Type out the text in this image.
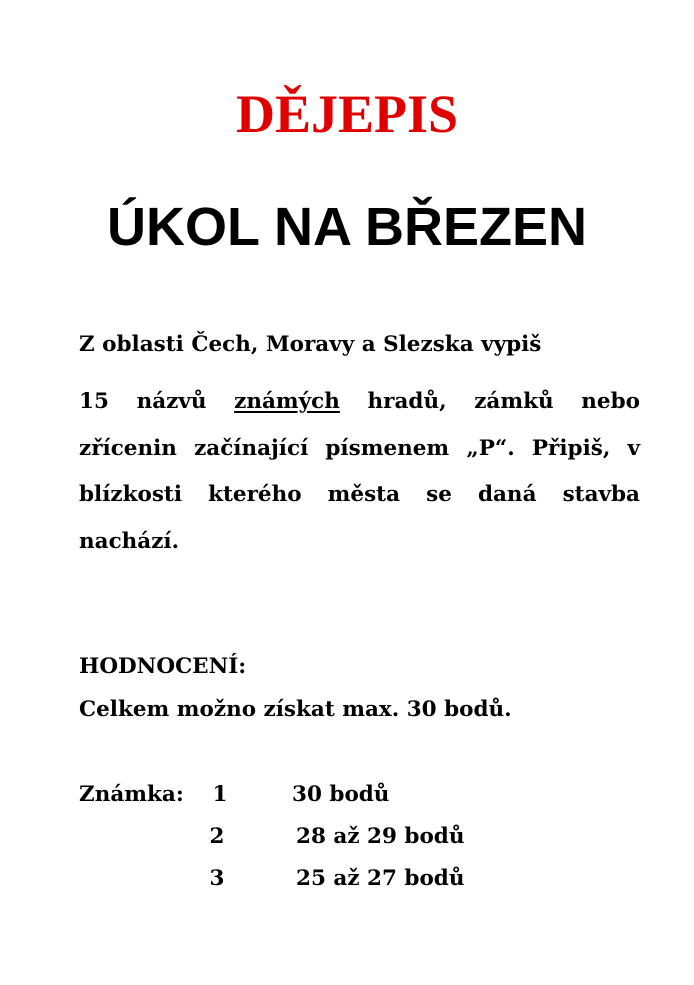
DĚJEPIS
ÚKOL NA BŘEZEN

Z oblasti Čech, Moravy a Slezska vypiš

15 názvů známých hradů, zámků nebo zřícenin začínající písmenem „P“. Připiš, v blízkosti kterého města se daná stavba nachází.

HODNOCENÍ:

Celkem možno získat max. 30 bodů.

Známka: 1	30 bodů
2	28 až 29 bodů
3	25 až 27 bodů
